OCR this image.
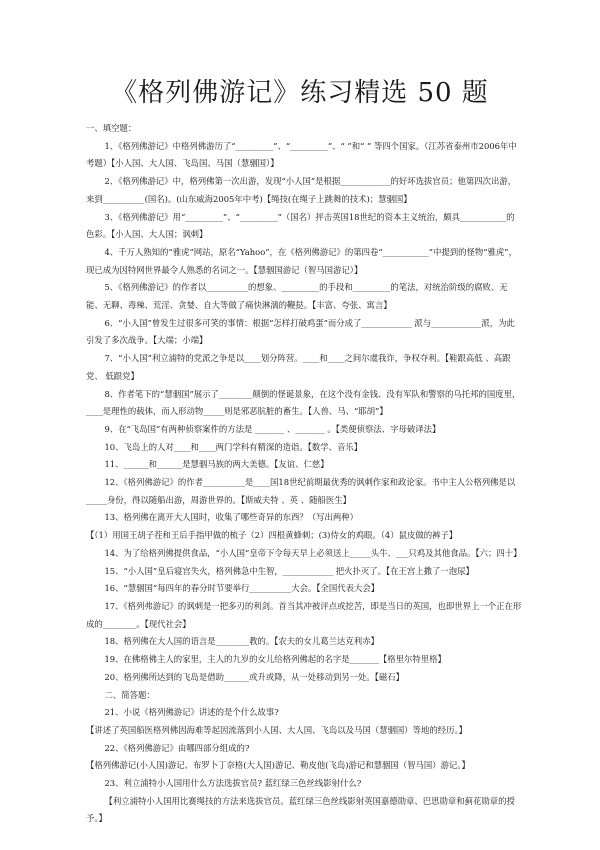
《格列佛游记》练习精选 50 题
一、填空题：
1、《格列佛游记》中格列佛游历了“_________”、“_________”、“ ”和“ ” 等四个国家。（江苏省泰州市2006年中考题）【小人国、大人国、飞岛国、马国（慧骃国）】
2、《格列佛游记》中，格列佛第一次出游，发现“小人国”是根据____________的好坏选拔官员；他第四次出游，来到__________(国名)。(山东威海2005年中考)【绳技(在绳子上跳舞的技术)；慧骃国】
3、《格列佛游记》用“_________”、“_________”（国名）抨击英国18世纪的资本主义统治，颇具___________的色彩。【小人国、大人国；讽刺】
4、千万人熟知的“雅虎”网站，原名“Yahoo”，在《格列佛游记》的第四卷“___________”中提到的怪物“雅虎”，现已成为因特网世界最令人熟悉的名词之一。【慧骃国游记（智马国游记）】
5、《格列佛游记》的作者以__________的想象、_________的手段和_________的笔法，对统治阶级的腐败、无能、无聊、毒辣、荒淫、贪婪、自大等做了痛快淋漓的鞭挞。【丰富、夸张、寓言】
6、“小人国”曾发生过很多可笑的事情：根据“怎样打破鸡蛋”而分成了____________ 派与____________派，为此引发了多次战争。【大端；小端】
7、“小人国”利立浦特的党派之争是以____划分阵营。____和____之间尔虞我诈，争权夺利。【鞋跟高低 、高跟党、 低跟党】
8、作者笔下的“慧骃国”展示了________颠倒的怪诞景象，在这个没有金钱、没有军队和警察的乌托邦的国度里，____是理性的载体，而人形动物_____则是邪恶肮脏的畜生。【人兽、马、“耶胡”】
9、在“飞岛国”有两种侦察案件的方法是 _______ 、_______ 。【类便侦察法、字母破译法】
10、飞岛上的人对____和____两门学科有精深的造诣。【数学、音乐】
11、______和______是慧骃马族的两大美德。【友谊、仁慈】
12、《格列佛游记》的作者__________是____国18世纪前期最优秀的讽刺作家和政论家。书中主人公格列佛是以_____身份，得以随船出游，周游世界的。【斯威夫特 、英 、随船医生】
13、格列佛在离开大人国时，收集了哪些奇异的东西？（写出两种）
【（1）用国王胡子茬和王后手指甲做的梳子（2）四根黄蜂刺；(3)侍女的鸡眼。（4）鼠皮做的裤子】
14、为了给格列佛提供食品，“小人国”皇帝下令每天早上必须送上_____头牛、___只鸡及其他食品。【六；四十】
15、“小人国”皇后寝宫失火，格列佛急中生智，____________ 把火扑灭了。【在王宫上撒了一泡尿】
16、“慧骃国”每四年的春分时节要举行__________大会。【全国代表大会】
17、《格列弗游记》的讽刺是一把多刃的利剑。首当其冲被评点或挖苦，即是当日的英国，也即世界上一个正在形成的________。【现代社会】
18、格列佛在大人国的语言是________教的。【农夫的女儿葛兰达克利赤】
19、在佛格佛主人的家里，主人的九岁的女儿给格列佛起的名字是_______【格里尔特里格】
20、格列佛所达到的飞岛是借助______或升或降，从一处移动到另一处。【磁石】
二、简答题：
21、小说《格列佛游记》讲述的是个什么故事?
【讲述了英国船医格列佛因海难等起因流落到小人国、大人国、飞岛以及马国（慧骃国）等地的经历。】
22、《格列佛游记》由哪四部分组成的?
【格列佛游记(小人国)游记、布罗卜丁奈格(大人国)游记、勒皮他(飞岛)游记和慧骃国（智马国）游记。】
23、利立浦特小人国用什么方法选拔官员? 蓝红绿三色丝线影射什么?
【利立浦特小人国用比赛绳技的方法来选拔官员。蓝红绿三色丝线影射英国嘉德勋章、巴思勋章和蓟花勋章的授予。】
